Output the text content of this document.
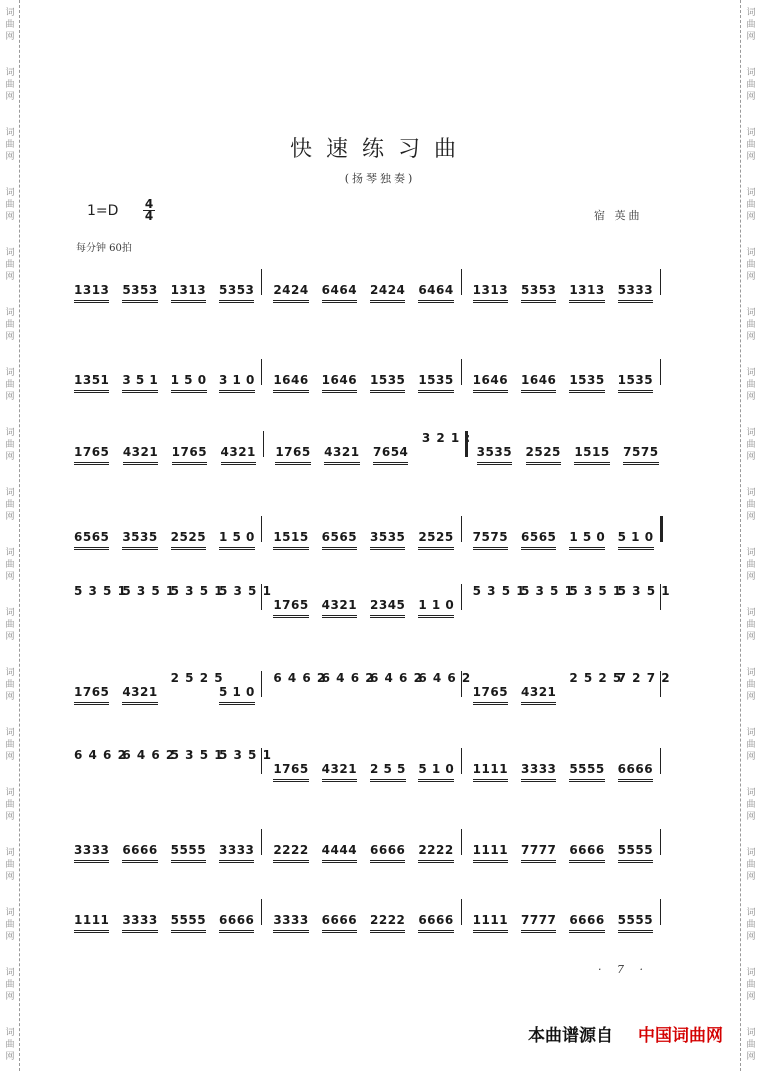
词
曲
网
词
曲
网
词
曲
网
词
曲
网
词
曲
网
词
曲
网
词
曲
网
词
曲
网
词
曲
网
词
曲
网
词
曲
网
词
曲
网
词
曲
网
词
曲
网
词
曲
网
词
曲
网
词
曲
网
词
曲
网
词
曲
网
词
曲
网
词
曲
网
词
曲
网
词
曲
网
词
曲
网
词
曲
网
词
曲
网
词
曲
网
词
曲
网
词
曲
网
词
曲
网
词
曲
网
词
曲
网
词
曲
网
词
曲
网
词
曲
网
词
曲
网
快速练习曲
(扬琴独奏)
1=D 4
4	宿 英曲
每分钟 60拍
1313 5353 1313 5353 2424 6464 2424 6464 1313 5353 1313 5333
1351 3 5 1 1 5 0 3 1 0 1646 1646 1535 1535 1646 1646 1535 1535
1765 4321 1765 4321 1765 4321 7654
3 2 1 :
3535 2525 1515 7575
6565 3535 2525 1 5 0 1515 6565 3535 2525 7575 6565 1 5 0 5 1 0
5 3 5 1
5 3 5 1
5 3 5 1
5 3 5 1
1765 4321 2345 1 1 0
5 3 5 1
5 3 5 1
5 3 5 1
5 3 5 1
1765 4321
2 5 2 5
5 1 0
6 4 6 2
6 4 6 2
6 4 6 2
6 4 6 2
1765 4321
2 5 2 5
7 2 7 2
6 4 6 2
6 4 6 2
5 3 5 1
5 3 5 1
1765 4321 2 5 5 5 1 0 1111 3333 5555 6666
3333 6666 5555 3333 2222 4444 6666 2222 1111 7777 6666 5555
1111 3333 5555 6666 3333 6666 2222 6666 1111 7777 6666 5555
· 7 ·
本曲谱源自 中国词曲网
